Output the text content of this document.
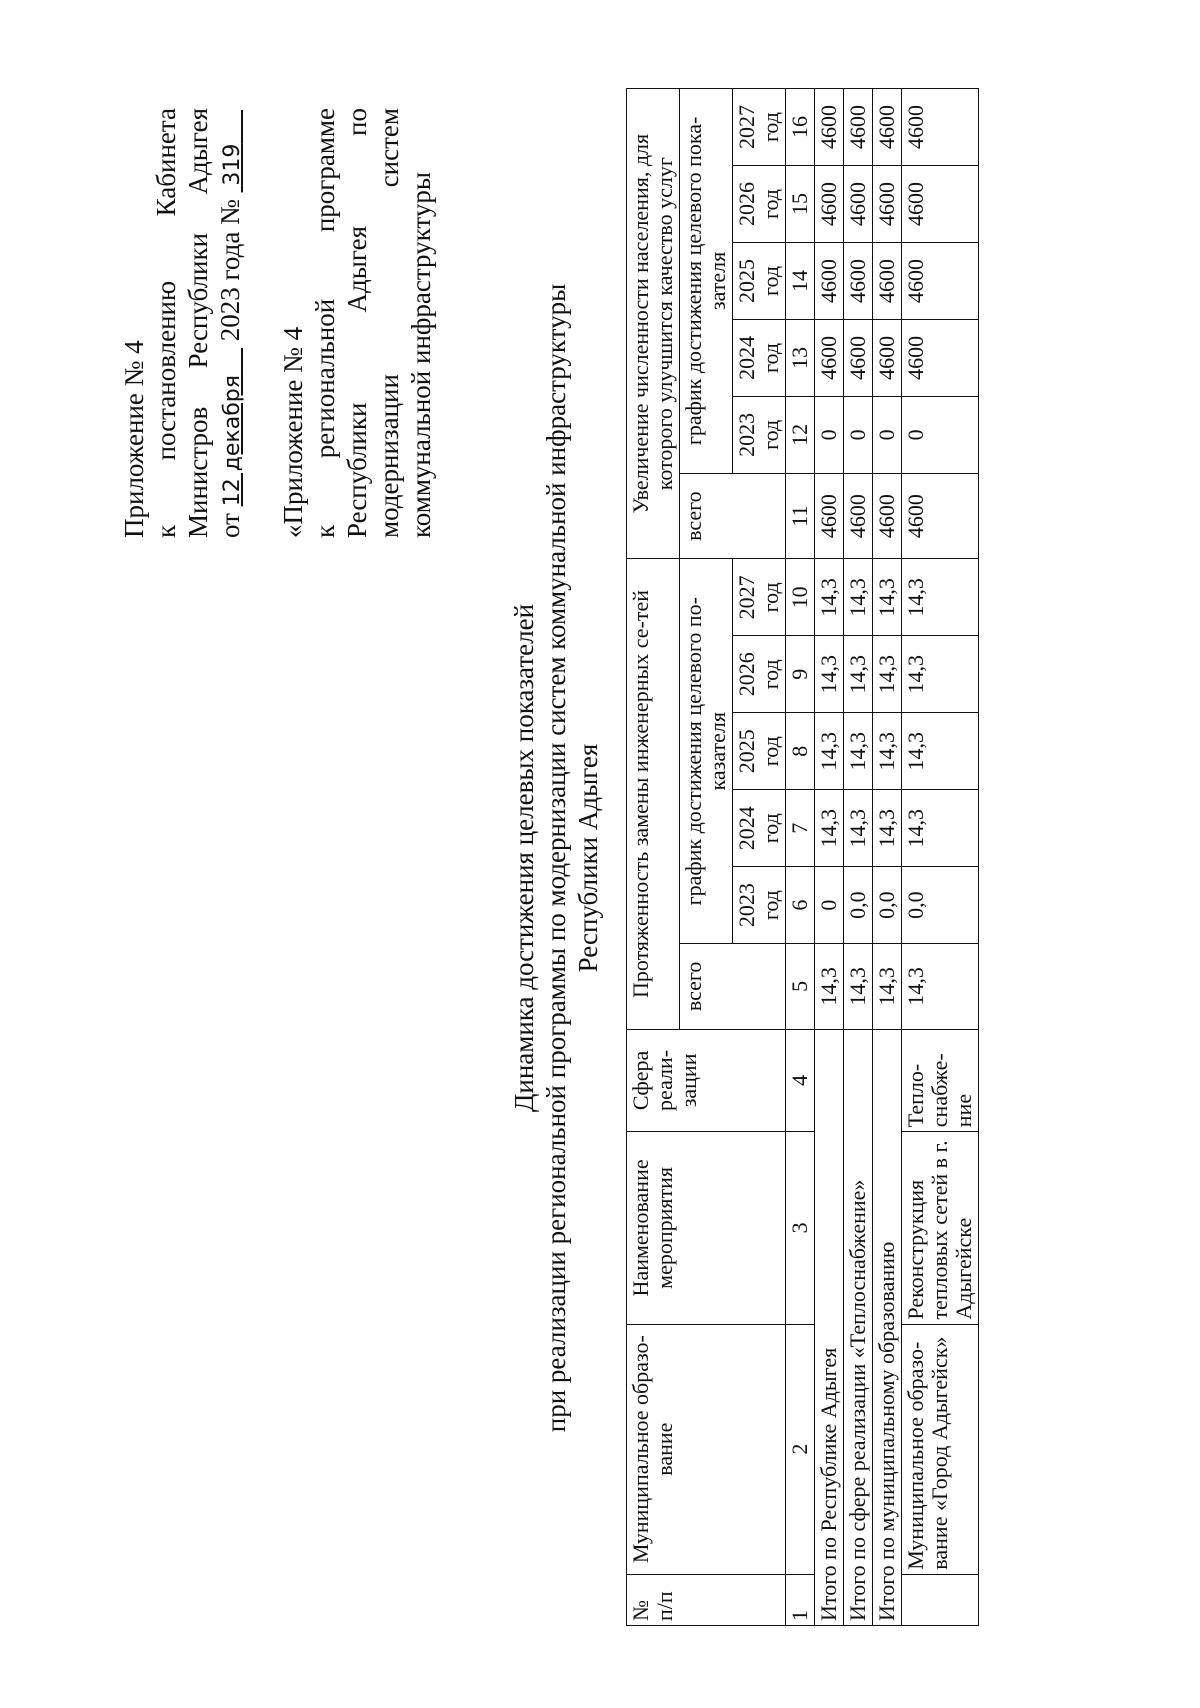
Приложение № 4 к постановлению Кабинета Министров Республики Адыгея от 12 декабря     2023 года №  319

«Приложение № 4 к региональной программе

Республики Адыгея по

модернизации систем

коммунальной инфраструктуры

Динамика достижения целевых показателей при реализации региональной программы по модернизации систем коммунальной инфраструктуры Республики Адыгея
№ п/п	Муниципальное образо-вание	Наименование мероприятия	Сфера реали-зации	Протяженность замены инженерных се-тей						Увеличение численности населения, для которого улучшится качество услуг					
				всего	график достижения целевого по-казателя					всего	график достижения целевого пока-зателя				
					2023 год	2024 год	2025 год	2026 год	2027 год		2023 год	2024 год	2025 год	2026 год	2027 год
1	2	3	4	5	6	7	8	9	10	11	12	13	14	15	16
Итого по Республике Адыгея				14,3	0	14,3	14,3	14,3	14,3	4600	0	4600	4600	4600	4600
Итого по сфере реализации «Теплоснабжение»				14,3	0,0	14,3	14,3	14,3	14,3	4600	0	4600	4600	4600	4600
Итого по муниципальному образованию				14,3	0,0	14,3	14,3	14,3	14,3	4600	0	4600	4600	4600	4600
	Муниципальное образо-вание «Город Адыгейск»	Реконструкция тепловых сетей в г. Адыгейске	Тепло-снабже-ние	14,3	0,0	14,3	14,3	14,3	14,3	4600	0	4600	4600	4600	4600
